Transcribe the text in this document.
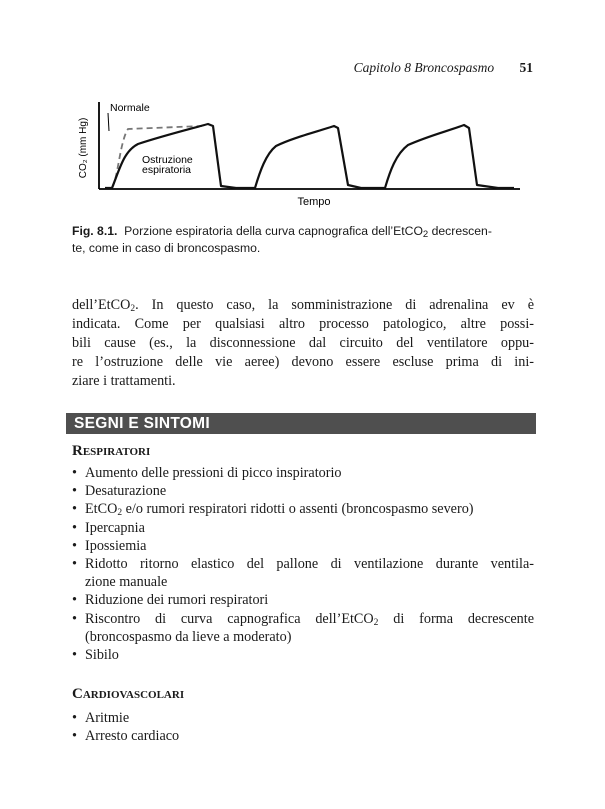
Capitolo 8 Broncospasmo 51
CO₂ (mm Hg)
Tempo
Normale
Ostruzione
espiratoria
Fig. 8.1. Porzione espiratoria della curva capnografica dell’EtCO$_2$ decrescen-
te, come in caso di broncospasmo.
dell’EtCO$_2$. In questo caso, la somministrazione di adrenalina ev è
indicata. Come per qualsiasi altro processo patologico, altre possi-
bili cause (es., la disconnessione dal circuito del ventilatore oppu-
re l’ostruzione delle vie aeree) devono essere escluse prima di ini-
ziare i trattamenti.
SEGNI E SINTOMI
Respiratori
• Aumento delle pressioni di picco inspiratorio
• Desaturazione
• EtCO$_2$ e/o rumori respiratori ridotti o assenti (broncospasmo severo)
• Ipercapnia
• Ipossiemia
• Ridotto ritorno elastico del pallone di ventilazione durante ventila-
zione manuale
• Riduzione dei rumori respiratori
• Riscontro di curva capnografica dell’EtCO$_2$ di forma decrescente
(broncospasmo da lieve a moderato)
• Sibilo
Cardiovascolari
• Aritmie
• Arresto cardiaco
